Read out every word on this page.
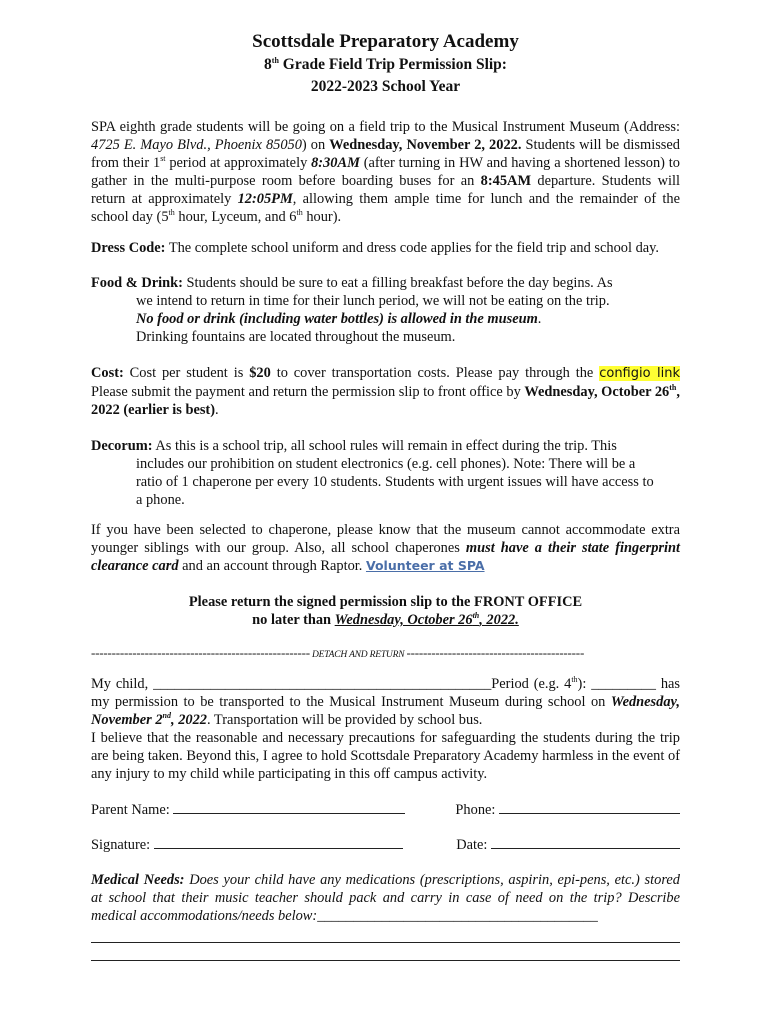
Scottsdale Preparatory Academy
8th Grade Field Trip Permission Slip:
2022-2023 School Year

SPA eighth grade students will be going on a field trip to the Musical Instrument Museum (Address: 4725 E. Mayo Blvd., Phoenix 85050) on Wednesday, November 2, 2022. Students will be dismissed from their 1st period at approximately 8:30AM (after turning in HW and having a shortened lesson) to gather in the multi-purpose room before boarding buses for an 8:45AM departure. Students will return at approximately 12:05PM, allowing them ample time for lunch and the remainder of the school day (5th hour, Lyceum, and 6th hour).

Dress Code: The complete school uniform and dress code applies for the field trip and school day.

Food & Drink: Students should be sure to eat a filling breakfast before the day begins. As

we intend to return in time for their lunch period, we will not be eating on the trip.
No food or drink (including water bottles) is allowed in the museum.
Drinking fountains are located throughout the museum.

Cost: Cost per student is $20 to cover transportation costs. Please pay through the configio link Please submit the payment and return the permission slip to front office by Wednesday, October 26th, 2022 (earlier is best).

Decorum: As this is a school trip, all school rules will remain in effect during the trip. This

includes our prohibition on student electronics (e.g. cell phones). Note: There will be a
ratio of 1 chaperone per every 10 students. Students with urgent issues will have access to
a phone.

If you have been selected to chaperone, please know that the museum cannot accommodate extra younger siblings with our group. Also, all school chaperones must have a their state fingerprint clearance card and an account through Raptor. Volunteer at SPA

Please return the signed permission slip to the FRONT OFFICE
no later than Wednesday, October 26th, 2022.
----------------------------------------------------- DETACH AND RETURN -------------------------------------------

My child, _______________________________________________Period (e.g. 4th): _________ has my permission to be transported to the Musical Instrument Museum during school on Wednesday, November 2nd, 2022. Transportation will be provided by school bus.

I believe that the reasonable and necessary precautions for safeguarding the students during the trip are being taken. Beyond this, I agree to hold Scottsdale Preparatory Academy harmless in the event of any injury to my child while participating in this off campus activity.

Parent Name:	Phone:
Signature:	Date:

Medical Needs: Does your child have any medications (prescriptions, aspirin, epi-pens, etc.) stored at school that their music teacher should pack and carry in case of need on the trip? Describe medical accommodations/needs below:_______________________________________
